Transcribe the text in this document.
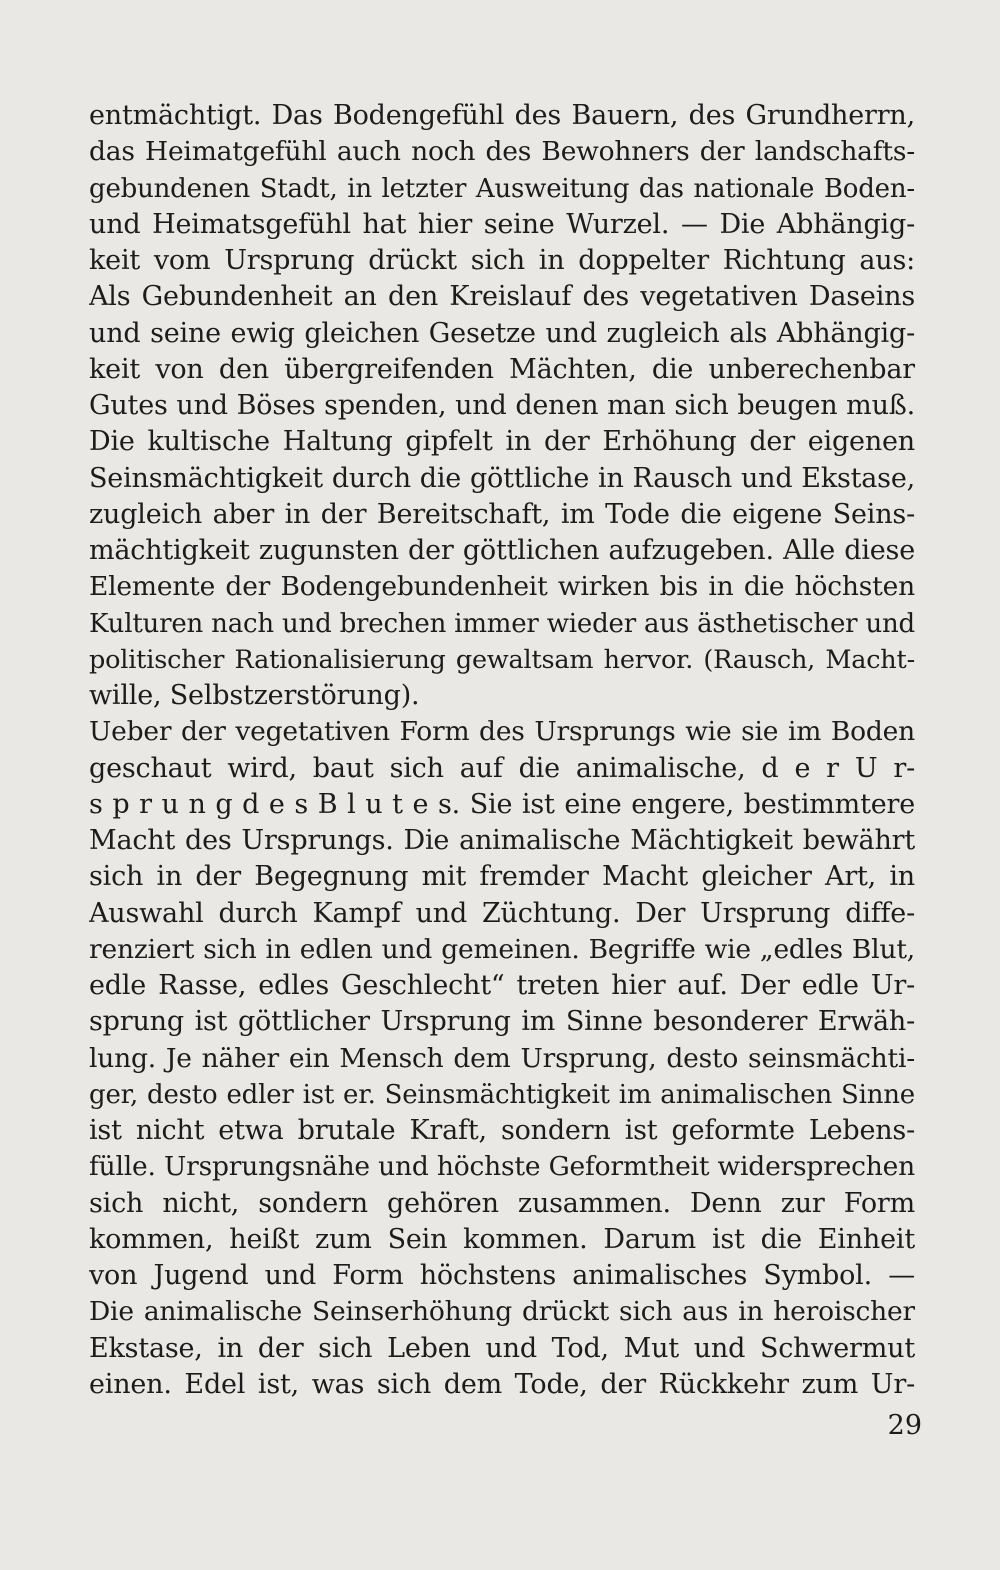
entmächtigt. Das Bodengefühl des Bauern, des Grundherrn,
das Heimatgefühl auch noch des Bewohners der landschafts-
gebundenen Stadt, in letzter Ausweitung das nationale Boden-
und Heimatsgefühl hat hier seine Wurzel. — Die Abhängig-
keit vom Ursprung drückt sich in doppelter Richtung aus:
Als Gebundenheit an den Kreislauf des vegetativen Daseins
und seine ewig gleichen Gesetze und zugleich als Abhängig-
keit von den übergreifenden Mächten, die unberechenbar
Gutes und Böses spenden, und denen man sich beugen muß.
Die kultische Haltung gipfelt in der Erhöhung der eigenen
Seinsmächtigkeit durch die göttliche in Rausch und Ekstase,
zugleich aber in der Bereitschaft, im Tode die eigene Seins-
mächtigkeit zugunsten der göttlichen aufzugeben. Alle diese
Elemente der Bodengebundenheit wirken bis in die höchsten
Kulturen nach und brechen immer wieder aus ästhetischer und
politischer Rationalisierung gewaltsam hervor. (Rausch, Macht-
wille, Selbstzerstörung).
Ueber der vegetativen Form des Ursprungs wie sie im Boden
geschaut wird, baut sich auf die animalische, d e r U r-
s p r u n g d e s B l u t e s. Sie ist eine engere, bestimmtere
Macht des Ursprungs. Die animalische Mächtigkeit bewährt
sich in der Begegnung mit fremder Macht gleicher Art, in
Auswahl durch Kampf und Züchtung. Der Ursprung diffe-
renziert sich in edlen und gemeinen. Begriffe wie „edles Blut,
edle Rasse, edles Geschlecht“ treten hier auf. Der edle Ur-
sprung ist göttlicher Ursprung im Sinne besonderer Erwäh-
lung. Je näher ein Mensch dem Ursprung, desto seinsmächti-
ger, desto edler ist er. Seinsmächtigkeit im animalischen Sinne
ist nicht etwa brutale Kraft, sondern ist geformte Lebens-
fülle. Ursprungsnähe und höchste Geformtheit widersprechen
sich nicht, sondern gehören zusammen. Denn zur Form
kommen, heißt zum Sein kommen. Darum ist die Einheit
von Jugend und Form höchstens animalisches Symbol. —
Die animalische Seinserhöhung drückt sich aus in heroischer
Ekstase, in der sich Leben und Tod, Mut und Schwermut
einen. Edel ist, was sich dem Tode, der Rückkehr zum Ur-
29
